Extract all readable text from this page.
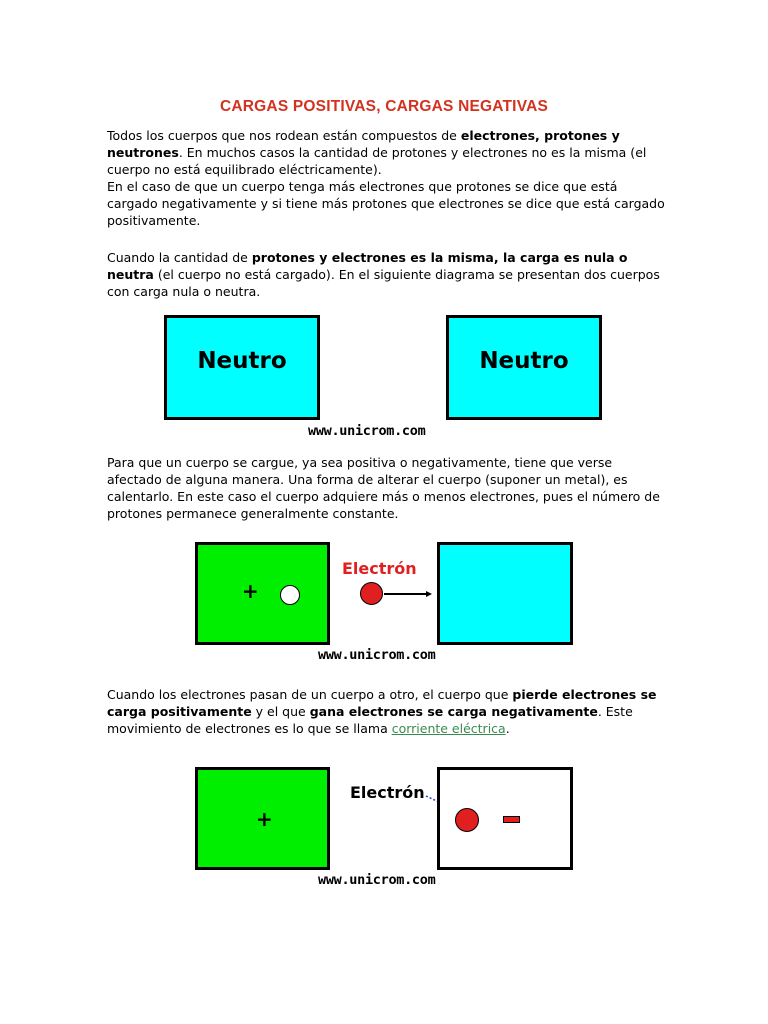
CARGAS POSITIVAS, CARGAS NEGATIVAS
Todos los cuerpos que nos rodean están compuestos de electrones, protones y neutrones. En muchos casos la cantidad de protones y electrones no es la misma (el cuerpo no está equilibrado eléctricamente).
En el caso de que un cuerpo tenga más electrones que protones se dice que está cargado negativamente y si tiene más protones que electrones se dice que está cargado positivamente.
Cuando la cantidad de protones y electrones es la misma, la carga es nula o neutra (el cuerpo no está cargado). En el siguiente diagrama se presentan dos cuerpos con carga nula o neutra.
Neutro	Neutro
www.unicrom.com
Para que un cuerpo se cargue, ya sea positiva o negativamente, tiene que verse afectado de alguna manera. Una forma de alterar el cuerpo (suponer un metal), es calentarlo. En este caso el cuerpo adquiere más o menos electrones, pues el número de protones permanece generalmente constante.
+
Electrón
www.unicrom.com
Cuando los electrones pasan de un cuerpo a otro, el cuerpo que pierde electrones se carga positivamente y el que gana electrones se carga negativamente. Este movimiento de electrones es lo que se llama corriente eléctrica.
+
Electrón
www.unicrom.com
